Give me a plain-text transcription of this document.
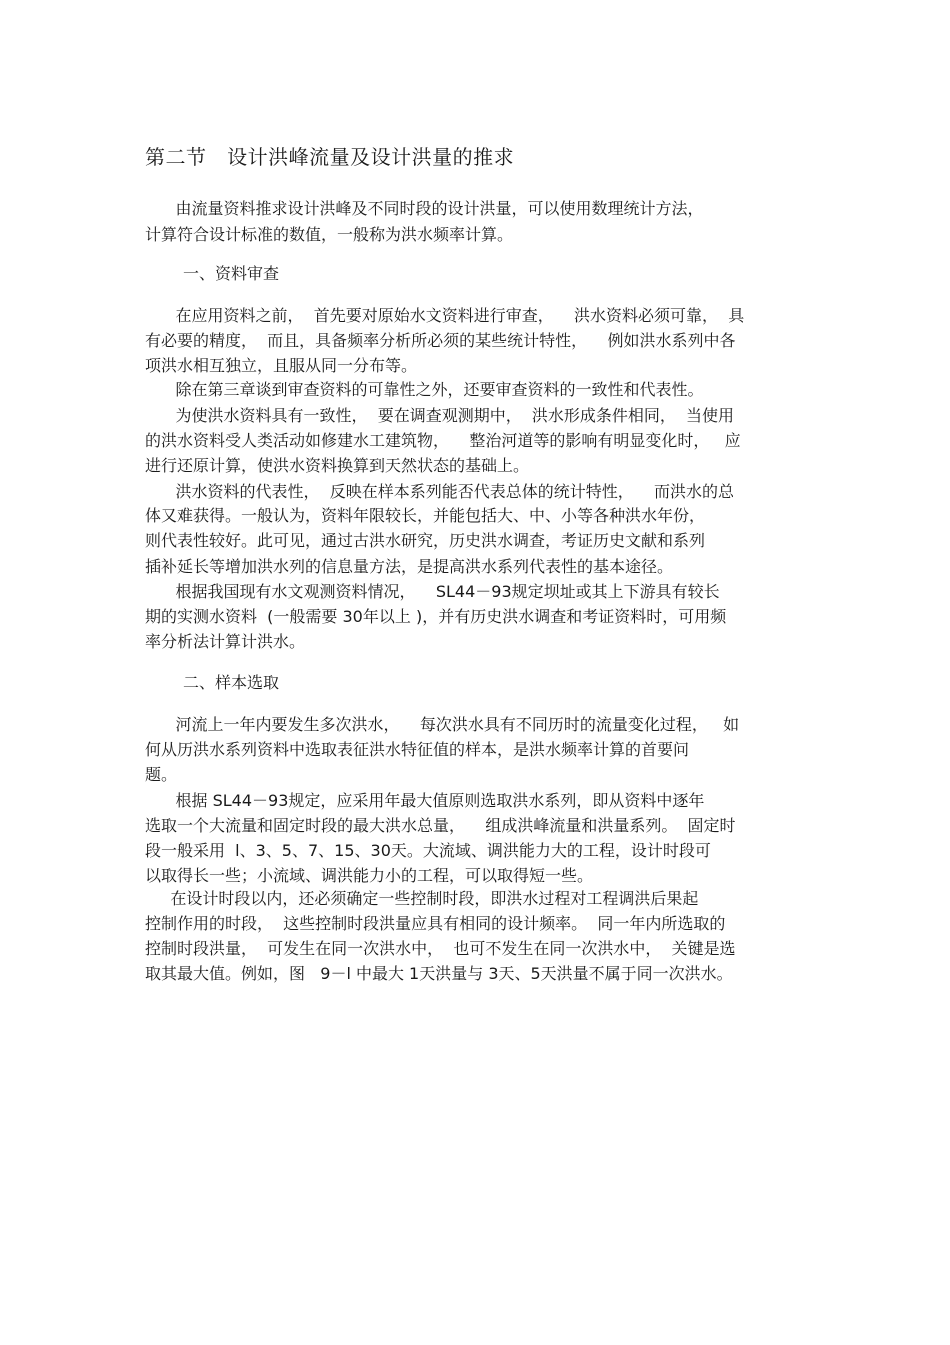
第二节   设计洪峰流量及设计洪量的推求
由流量资料推求设计洪峰及不同时段的设计洪量，可以使用数理统计方法，
计算符合设计标准的数值，一般称为洪水频率计算。
一、资料审查
在应用资料之前，  首先要对原始水文资料进行审查，    洪水资料必须可靠，  具
有必要的精度，  而且，具备频率分析所必须的某些统计特性，    例如洪水系列中各
项洪水相互独立，且服从同一分布等。
除在第三章谈到审查资料的可靠性之外，还要审查资料的一致性和代表性。
为使洪水资料具有一致性，  要在调查观测期中，  洪水形成条件相同，  当使用
的洪水资料受人类活动如修建水工建筑物，    整治河道等的影响有明显变化时，   应
进行还原计算，使洪水资料换算到天然状态的基础上。
洪水资料的代表性，  反映在样本系列能否代表总体的统计特性，    而洪水的总
体又难获得。一般认为，资料年限较长，并能包括大、中、小等各种洪水年份，
则代表性较好。此可见，通过古洪水研究，历史洪水调查，考证历史文献和系列
插补延长等增加洪水列的信息量方法，是提高洪水系列代表性的基本途径。
根据我国现有水文观测资料情况，    SL44－93规定坝址或其上下游具有较长
期的实测水资料  (一般需要 30年以上 )，并有历史洪水调查和考证资料时，可用频
率分析法计算计洪水。
二、样本选取
河流上一年内要发生多次洪水，    每次洪水具有不同历时的流量变化过程，   如
何从历洪水系列资料中选取表征洪水特征值的样本，是洪水频率计算的首要问
题。
根据 SL44－93规定，应采用年最大值原则选取洪水系列，即从资料中逐年
选取一个大流量和固定时段的最大洪水总量，    组成洪峰流量和洪量系列。  固定时
段一般采用  l、3、5、7、15、30天。大流域、调洪能力大的工程，设计时段可
以取得长一些；小流域、调洪能力小的工程，可以取得短一些。
在设计时段以内，还必须确定一些控制时段，即洪水过程对工程调洪后果起
控制作用的时段，  这些控制时段洪量应具有相同的设计频率。  同一年内所选取的
控制时段洪量，  可发生在同一次洪水中，  也可不发生在同一次洪水中，  关键是选
取其最大值。例如，图   9－l 中最大 1天洪量与 3天、5天洪量不属于同一次洪水。
